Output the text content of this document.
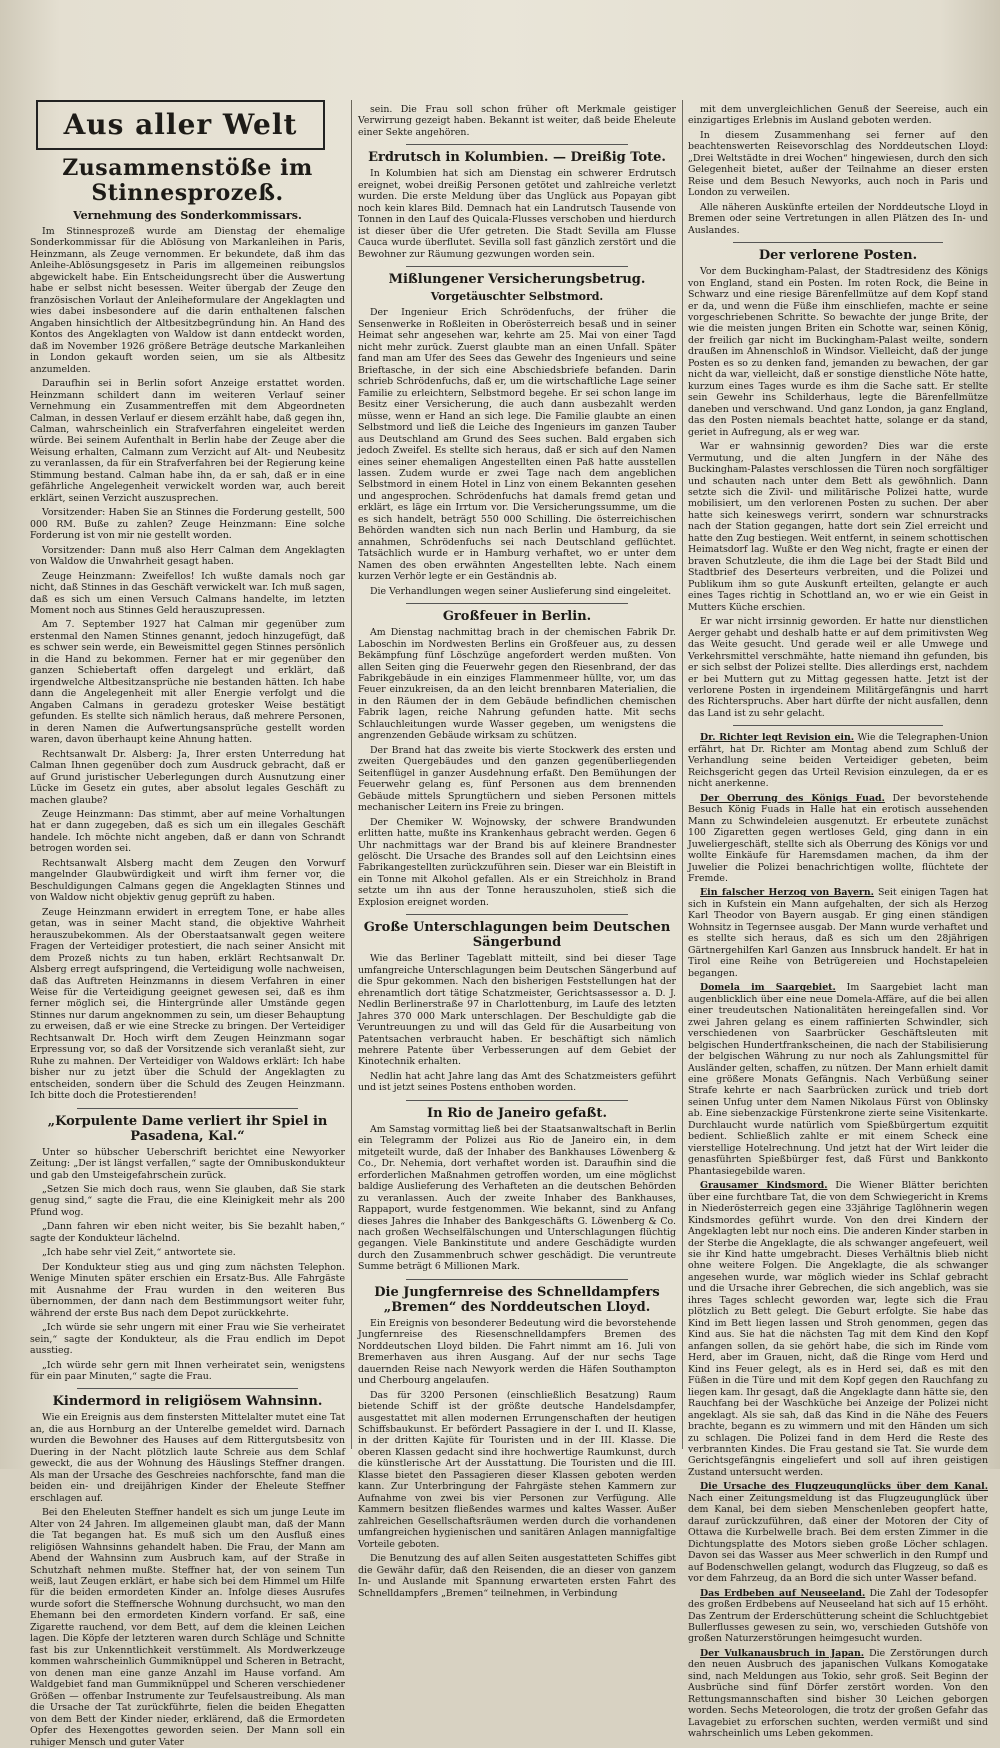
Aus aller Welt
Zusammenstöße im Stinnesprozeß.
Vernehmung des Sonderkommissars.

Im Stinnesprozeß wurde am Dienstag der ehemalige Sonderkommissar für die Ablösung von Markanleihen in Paris, Heinzmann, als Zeuge vernommen. Er bekundete, daß ihm das Anleihe-Ablösungsgesetz in Paris im allgemeinen reibungslos abgewickelt habe. Ein Entscheidungsrecht über die Auswertung habe er selbst nicht besessen. Weiter übergab der Zeuge den französischen Vorlaut der Anleiheformulare der Angeklagten und wies dabei insbesondere auf die darin enthaltenen falschen Angaben hinsichtlich der Altbesitzbegründung hin. An Hand des Kontos des Angeklagten von Waldow ist dann entdeckt worden, daß im November 1926 größere Beträge deutsche Markanleihen in London gekauft worden seien, um sie als Altbesitz anzumelden.

Daraufhin sei in Berlin sofort Anzeige erstattet worden. Heinzmann schildert dann im weiteren Verlauf seiner Vernehmung ein Zusammentreffen mit dem Abgeordneten Calman, in dessen Verlauf er diesem erzählt habe, daß gegen ihn, Calman, wahrscheinlich ein Strafverfahren eingeleitet werden würde. Bei seinem Aufenthalt in Berlin habe der Zeuge aber die Weisung erhalten, Calmann zum Verzicht auf Alt- und Neubesitz zu veranlassen, da für ein Strafverfahren bei der Regierung keine Stimmung bestand. Calman habe ihn, da er sah, daß er in eine gefährliche Angelegenheit verwickelt worden war, auch bereit erklärt, seinen Verzicht auszusprechen.

Vorsitzender: Haben Sie an Stinnes die Forderung gestellt, 500 000 RM. Buße zu zahlen? Zeuge Heinzmann: Eine solche Forderung ist von mir nie gestellt worden.

Vorsitzender: Dann muß also Herr Calman dem Angeklagten von Waldow die Unwahrheit gesagt haben.

Zeuge Heinzmann: Zweifellos! Ich wußte damals noch gar nicht, daß Stinnes in das Geschäft verwickelt war. Ich muß sagen, daß es sich um einen Versuch Calmans handelte, im letzten Moment noch aus Stinnes Geld herauszupressen.

Am 7. September 1927 hat Calman mir gegenüber zum erstenmal den Namen Stinnes genannt, jedoch hinzugefügt, daß es schwer sein werde, ein Beweismittel gegen Stinnes persönlich in die Hand zu bekommen. Ferner hat er mir gegenüber den ganzen Schiebertaft offen dargelegt und erklärt, daß irgendwelche Altbesitzansprüche nie bestanden hätten. Ich habe dann die Angelegenheit mit aller Energie verfolgt und die Angaben Calmans in geradezu grotesker Weise bestätigt gefunden. Es stellte sich nämlich heraus, daß mehrere Personen, in deren Namen die Aufwertungsansprüche gestellt worden waren, davon überhaupt keine Ahnung hatten.

Rechtsanwalt Dr. Alsberg: Ja, Ihrer ersten Unterredung hat Calman Ihnen gegenüber doch zum Ausdruck gebracht, daß er auf Grund juristischer Ueberlegungen durch Ausnutzung einer Lücke im Gesetz ein gutes, aber absolut legales Geschäft zu machen glaube?

Zeuge Heinzmann: Das stimmt, aber auf meine Vorhaltungen hat er dann zugegeben, daß es sich um ein illegales Geschäft handele. Ich möchte nicht angeben, daß er dann von Schrandt betrogen worden sei.

Rechtsanwalt Alsberg macht dem Zeugen den Vorwurf mangelnder Glaubwürdigkeit und wirft ihm ferner vor, die Beschuldigungen Calmans gegen die Angeklagten Stinnes und von Waldow nicht objektiv genug geprüft zu haben.

Zeuge Heinzmann erwidert in erregtem Tone, er habe alles getan, was in seiner Macht stand, die objektive Wahrheit herauszubekommen. Als der Oberstaatsanwalt gegen weitere Fragen der Verteidiger protestiert, die nach seiner Ansicht mit dem Prozeß nichts zu tun haben, erklärt Rechtsanwalt Dr. Alsberg erregt aufspringend, die Verteidigung wolle nachweisen, daß das Auftreten Heinzmanns in diesem Verfahren in einer Weise für die Verteidigung geeignet gewesen sei, daß es ihm ferner möglich sei, die Hintergründe aller Umstände gegen Stinnes nur darum angeknommen zu sein, um dieser Behauptung zu erweisen, daß er wie eine Strecke zu bringen. Der Verteidiger Rechtsanwalt Dr. Hoch wirft dem Zeugen Heinzmann sogar Erpressung vor, so daß der Vorsitzende sich veranlaßt sieht, zur Ruhe zu mahnen. Der Verteidiger von Waldows erklärt: Ich habe bisher nur zu jetzt über die Schuld der Angeklagten zu entscheiden, sondern über die Schuld des Zeugen Heinzmann. Ich bitte doch die Protestierenden!

„Korpulente Dame verliert ihr Spiel in Pasadena, Kal.“

Unter so hübscher Ueberschrift berichtet eine Newyorker Zeitung: „Der ist längst verfallen,“ sagte der Omnibuskondukteur und gab den Umsteigefahrschein zurück.

„Setzen Sie mich doch raus, wenn Sie glauben, daß Sie stark genug sind,“ sagte die Frau, die eine Kleinigkeit mehr als 200 Pfund wog.

„Dann fahren wir eben nicht weiter, bis Sie bezahlt haben,“ sagte der Kondukteur lächelnd.

„Ich habe sehr viel Zeit,“ antwortete sie.

Der Kondukteur stieg aus und ging zum nächsten Telephon. Wenige Minuten später erschien ein Ersatz-Bus. Alle Fahrgäste mit Ausnahme der Frau wurden in den weiteren Bus übernommen, der dann nach dem Bestimmungsort weiter fuhr, während der erste Bus nach dem Depot zurückkehrte.

„Ich würde sie sehr ungern mit einer Frau wie Sie verheiratet sein,“ sagte der Kondukteur, als die Frau endlich im Depot ausstieg.

„Ich würde sehr gern mit Ihnen verheiratet sein, wenigstens für ein paar Minuten,“ sagte die Frau.

Kindermord in religiösem Wahnsinn.

Wie ein Ereignis aus dem finstersten Mittelalter mutet eine Tat an, die aus Hornburg an der Unterelbe gemeldet wird. Darnach wurden die Bewohner des Hauses auf dem Rittergutsbesitz von Duering in der Nacht plötzlich laute Schreie aus dem Schlaf geweckt, die aus der Wohnung des Häuslings Steffner drangen. Als man der Ursache des Geschreies nachforschte, fand man die beiden ein- und dreijährigen Kinder der Eheleute Steffner erschlagen auf.

Bei den Eheleuten Steffner handelt es sich um junge Leute im Alter von 24 Jahren. Im allgemeinen glaubt man, daß der Mann die Tat begangen hat. Es muß sich um den Ausfluß eines religiösen Wahnsinns gehandelt haben. Die Frau, der Mann am Abend der Wahnsinn zum Ausbruch kam, auf der Straße in Schutzhaft nehmen mußte. Steffner hat, der von seinem Tun weiß, laut Zeugen erklärt, er habe sich bei dem Himmel um Hilfe für die beiden ermordeten Kinder an. Infolge dieses Ausrufes wurde sofort die Steffnersche Wohnung durchsucht, wo man den Ehemann bei den ermordeten Kindern vorfand. Er saß, eine Zigarette rauchend, vor dem Bett, auf dem die kleinen Leichen lagen. Die Köpfe der letzteren waren durch Schläge und Schnitte fast bis zur Unkenntlichkeit verstümmelt. Als Mordwerkzeuge kommen wahrscheinlich Gummiknüppel und Scheren in Betracht, von denen man eine ganze Anzahl im Hause vorfand. Am Waldgebiet fand man Gummiknüppel und Scheren verschiedener Größen — offenbar Instrumente zur Teufelsaustreibung. Als man die Ursache der Tat zurückführte, fielen die beiden Ehegatten von dem Bett der Kinder nieder, erklärend, daß die Ermordeten Opfer des Hexengottes geworden seien. Der Mann soll ein ruhiger Mensch und guter Vater

sein. Die Frau soll schon früher oft Merkmale geistiger Verwirrung gezeigt haben. Bekannt ist weiter, daß beide Eheleute einer Sekte angehören.

Erdrutsch in Kolumbien. — Dreißig Tote.

In Kolumbien hat sich am Dienstag ein schwerer Erdrutsch ereignet, wobei dreißig Personen getötet und zahlreiche verletzt wurden. Die erste Meldung über das Unglück aus Popayan gibt noch kein klares Bild. Demnach hat ein Landrutsch Tausende von Tonnen in den Lauf des Quicala-Flusses verschoben und hierdurch ist dieser über die Ufer getreten. Die Stadt Sevilla am Flusse Cauca wurde überflutet. Sevilla soll fast gänzlich zerstört und die Bewohner zur Räumung gezwungen worden sein.

Mißlungener Versicherungsbetrug.
Vorgetäuschter Selbstmord.

Der Ingenieur Erich Schrödenfuchs, der früher die Sensenwerke in Roßleiten in Oberösterreich besaß und in seiner Heimat sehr angesehen war, kehrte am 25. Mai von einer Tagd nicht mehr zurück. Zuerst glaubte man an einen Unfall. Später fand man am Ufer des Sees das Gewehr des Ingenieurs und seine Brieftasche, in der sich eine Abschiedsbriefe befanden. Darin schrieb Schrödenfuchs, daß er, um die wirtschaftliche Lage seiner Familie zu erleichtern, Selbstmord begehe. Er sei schon lange im Besitz einer Versicherung, die auch dann ausbezahlt werden müsse, wenn er Hand an sich lege. Die Familie glaubte an einen Selbstmord und ließ die Leiche des Ingenieurs im ganzen Tauber aus Deutschland am Grund des Sees suchen. Bald ergaben sich jedoch Zweifel. Es stellte sich heraus, daß er sich auf den Namen eines seiner ehemaligen Angestellten einen Paß hatte ausstellen lassen. Zudem wurde er zwei Tage nach dem angeblichen Selbstmord in einem Hotel in Linz von einem Bekannten gesehen und angesprochen. Schrödenfuchs hat damals fremd getan und erklärt, es läge ein Irrtum vor. Die Versicherungssumme, um die es sich handelt, beträgt 550 000 Schilling. Die österreichischen Behörden wandten sich nun nach Berlin und Hamburg, da sie annahmen, Schrödenfuchs sei nach Deutschland geflüchtet. Tatsächlich wurde er in Hamburg verhaftet, wo er unter dem Namen des oben erwähnten Angestellten lebte. Nach einem kurzen Verhör legte er ein Geständnis ab.

Die Verhandlungen wegen seiner Auslieferung sind eingeleitet.

Großfeuer in Berlin.

Am Dienstag nachmittag brach in der chemischen Fabrik Dr. Laboschin im Nordwesten Berlins ein Großfeuer aus, zu dessen Bekämpfung fünf Löschzüge angefordert werden mußten. Von allen Seiten ging die Feuerwehr gegen den Riesenbrand, der das Fabrikgebäude in ein einziges Flammenmeer hüllte, vor, um das Feuer einzukreisen, da an den leicht brennbaren Materialien, die in den Räumen der in dem Gebäude befindlichen chemischen Fabrik lagen, reiche Nahrung gefunden hatte. Mit sechs Schlauchleitungen wurde Wasser gegeben, um wenigstens die angrenzenden Gebäude wirksam zu schützen.

Der Brand hat das zweite bis vierte Stockwerk des ersten und zweiten Quergebäudes und den ganzen gegenüberliegenden Seitenflügel in ganzer Ausdehnung erfaßt. Den Bemühungen der Feuerwehr gelang es, fünf Personen aus dem brennenden Gebäude mittels Sprungtüchern und sieben Personen mittels mechanischer Leitern ins Freie zu bringen.

Der Chemiker W. Wojnowsky, der schwere Brandwunden erlitten hatte, mußte ins Krankenhaus gebracht werden. Gegen 6 Uhr nachmittags war der Brand bis auf kleinere Brandnester gelöscht. Die Ursache des Brandes soll auf den Leichtsinn eines Fabrikangestellten zurückzuführen sein. Dieser war ein Bleistift in ein Tonne mit Alkohol gefallen. Als er ein Streichholz in Brand setzte um ihn aus der Tonne herauszuholen, stieß sich die Explosion ereignet worden.

Große Unterschlagungen beim Deutschen Sängerbund

Wie das Berliner Tageblatt mitteilt, sind bei dieser Tage umfangreiche Unterschlagungen beim Deutschen Sängerbund auf die Spur gekommen. Nach den bisherigen Feststellungen hat der ehrenamtlich dort tätige Schatzmeister, Gerichtsassessor a. D. J. Nedlin Berlinerstraße 97 in Charlottenburg, im Laufe des letzten Jahres 370 000 Mark unterschlagen. Der Beschuldigte gab die Veruntreuungen zu und will das Geld für die Ausarbeitung von Patentsachen verbraucht haben. Er beschäftigt sich nämlich mehrere Patente über Verbesserungen auf dem Gebiet der Kinotechnik erhalten.

Nedlin hat acht Jahre lang das Amt des Schatzmeisters geführt und ist jetzt seines Postens enthoben worden.

In Rio de Janeiro gefaßt.

Am Samstag vormittag ließ bei der Staatsanwaltschaft in Berlin ein Telegramm der Polizei aus Rio de Janeiro ein, in dem mitgeteilt wurde, daß der Inhaber des Bankhauses Löwenberg & Co., Dr. Nehemia, dort verhaftet worden ist. Daraufhin sind die erforderlichen Maßnahmen getroffen worden, um eine möglichst baldige Auslieferung des Verhafteten an die deutschen Behörden zu veranlassen. Auch der zweite Inhaber des Bankhauses, Rappaport, wurde festgenommen. Wie bekannt, sind zu Anfang dieses Jahres die Inhaber des Bankgeschäfts G. Löwenberg & Co. nach großen Wechselfälschungen und Unterschlagungen flüchtig gegangen. Viele Bankinstitute und andere Geschädigte wurden durch den Zusammenbruch schwer geschädigt. Die veruntreute Summe beträgt 6 Millionen Mark.

Die Jungfernreise des Schnelldampfers „Bremen“ des Norddeutschen Lloyd.

Ein Ereignis von besonderer Bedeutung wird die bevorstehende Jungfernreise des Riesenschnelldampfers Bremen des Norddeutschen Lloyd bilden. Die Fahrt nimmt am 16. Juli von Bremerhaven aus ihren Ausgang. Auf der nur sechs Tage dauernden Reise nach Newyork werden die Häfen Southampton und Cherbourg angelaufen.

Das für 3200 Personen (einschließlich Besatzung) Raum bietende Schiff ist der größte deutsche Handelsdampfer, ausgestattet mit allen modernen Errungenschaften der heutigen Schiffsbaukunst. Er befördert Passagiere in der I. und II. Klasse, in der dritten Kajüte für Touristen und in der III. Klasse. Die oberen Klassen gedacht sind ihre hochwertige Raumkunst, durch die künstlerische Art der Ausstattung. Die Touristen und die III. Klasse bietet den Passagieren dieser Klassen geboten werden kann. Zur Unterbringung der Fahrgäste stehen Kammern zur Aufnahme von zwei bis vier Personen zur Verfügung. Alle Kammern besitzen fließendes warmes und kaltes Wasser. Außer zahlreichen Gesellschaftsräumen werden durch die vorhandenen umfangreichen hygienischen und sanitären Anlagen mannigfaltige Vorteile geboten.

Die Benutzung des auf allen Seiten ausgestatteten Schiffes gibt die Gewähr dafür, daß den Reisenden, die an dieser von ganzem In- und Auslande mit Spannung erwarteten ersten Fahrt des Schnelldampfers „Bremen“ teilnehmen, in Verbindung

mit dem unvergleichlichen Genuß der Seereise, auch ein einzigartiges Erlebnis im Ausland geboten werden.

In diesem Zusammenhang sei ferner auf den beachtenswerten Reisevorschlag des Norddeutschen Lloyd: „Drei Weltstädte in drei Wochen“ hingewiesen, durch den sich Gelegenheit bietet, außer der Teilnahme an dieser ersten Reise und dem Besuch Newyorks, auch noch in Paris und London zu verweilen.

Alle näheren Auskünfte erteilen der Norddeutsche Lloyd in Bremen oder seine Vertretungen in allen Plätzen des In- und Auslandes.

Der verlorene Posten.

Vor dem Buckingham-Palast, der Stadtresidenz des Königs von England, stand ein Posten. Im roten Rock, die Beine in Schwarz und eine riesige Bärenfellmütze auf dem Kopf stand er da, und wenn die Füße ihm einschliefen, machte er seine vorgeschriebenen Schritte. So bewachte der junge Brite, der wie die meisten jungen Briten ein Schotte war, seinen König, der freilich gar nicht im Buckingham-Palast weilte, sondern draußen im Ahnenschloß in Windsor. Vielleicht, daß der junge Posten es so zu denken fand, jemanden zu bewachen, der gar nicht da war, vielleicht, daß er sonstige dienstliche Nöte hatte, kurzum eines Tages wurde es ihm die Sache satt. Er stellte sein Gewehr ins Schilderhaus, legte die Bärenfellmütze daneben und verschwand. Und ganz London, ja ganz England, das den Posten niemals beachtet hatte, solange er da stand, geriet in Aufregung, als er weg war.

War er wahnsinnig geworden? Dies war die erste Vermutung, und die alten Jungfern in der Nähe des Buckingham-Palastes verschlossen die Türen noch sorgfältiger und schauten nach unter dem Bett als gewöhnlich. Dann setzte sich die Zivil- und militärische Polizei hatte, wurde mobilisiert, um den verlorenen Posten zu suchen. Der aber hatte sich keineswegs verirrt, sondern war schnurstracks nach der Station gegangen, hatte dort sein Ziel erreicht und hatte den Zug bestiegen. Weit entfernt, in seinem schottischen Heimatsdorf lag. Wußte er den Weg nicht, fragte er einen der braven Schutzleute, die ihm die Lage bei der Stadt Bild und Stadtbrief des Deserteurs verbreiten, und die Polizei und Publikum ihm so gute Auskunft erteilten, gelangte er auch eines Tages richtig in Schottland an, wo er wie ein Geist in Mutters Küche erschien.

Er war nicht irrsinnig geworden. Er hatte nur dienstlichen Aerger gehabt und deshalb hatte er auf dem primitivsten Weg das Weite gesucht. Und gerade weil er alle Umwege und Verkehrsmittel verschmähte, hatte niemand ihn gefunden, bis er sich selbst der Polizei stellte. Dies allerdings erst, nachdem er bei Muttern gut zu Mittag gegessen hatte. Jetzt ist der verlorene Posten in irgendeinem Militärgefängnis und harrt des Richterspruchs. Aber hart dürfte der nicht ausfallen, denn das Land ist zu sehr gelacht.

Dr. Richter legt Revision ein. Wie die Telegraphen-Union erfährt, hat Dr. Richter am Montag abend zum Schluß der Verhandlung seine beiden Verteidiger gebeten, beim Reichsgericht gegen das Urteil Revision einzulegen, da er es nicht anerkenne.

Der Oberrung des Königs Fuad. Der bevorstehende Besuch König Fuads in Halle hat ein erotisch aussehenden Mann zu Schwindeleien ausgenutzt. Er erbeutete zunächst 100 Zigaretten gegen wertloses Geld, ging dann in ein Juweliergeschäft, stellte sich als Oberrung des Königs vor und wollte Einkäufe für Haremsdamen machen, da ihm der Juwelier die Polizei benachrichtigen wollte, flüchtete der Fremde.

Ein falscher Herzog von Bayern. Seit einigen Tagen hat sich in Kufstein ein Mann aufgehalten, der sich als Herzog Karl Theodor von Bayern ausgab. Er ging einen ständigen Wohnsitz in Tegernsee ausgab. Der Mann wurde verhaftet und es stellte sich heraus, daß es sich um den 28jährigen Gärtnergehilfen Karl Ganzen aus Innsbruck handelt. Er hat in Tirol eine Reihe von Betrügereien und Hochstapeleien begangen.

Domela im Saargebiet. Im Saargebiet lacht man augenblicklich über eine neue Domela-Affäre, auf die bei allen einer treudeutschen Nationalitäten hereingefallen sind. Vor zwei Jahren gelang es einem raffinierten Schwindler, sich verschiedenen von Saarbrücker Geschäftsleuten mit belgischen Hundertfrankscheinen, die nach der Stabilisierung der belgischen Währung zu nur noch als Zahlungsmittel für Ausländer gelten, schaffen, zu nützen. Der Mann erhielt damit eine größere Monats Gefängnis. Nach Verbüßung seiner Strafe kehrte er nach Saarbrücken zurück und trieb dort seinen Unfug unter dem Namen Nikolaus Fürst von Oblinsky ab. Eine siebenzackige Fürstenkrone zierte seine Visitenkarte. Durchlaucht wurde natürlich vom Spießbürgertum ezquitit bedient. Schließlich zahlte er mit einem Scheck eine vierstellige Hotelrechnung. Und jetzt hat der Wirt leider die genasführten Spießbürger fest, daß Fürst und Bankkonto Phantasiegebilde waren.

Grausamer Kindsmord. Die Wiener Blätter berichten über eine furchtbare Tat, die von dem Schwiegericht in Krems in Niederösterreich gegen eine 33jährige Taglöhnerin wegen Kindsmordes geführt wurde. Von den drei Kindern der Angeklagten lebt nur noch eins. Die anderen Kinder starben in der Sterbe die Angeklagte, die als schwanger angefeuert, weil sie ihr Kind hatte umgebracht. Dieses Verhältnis blieb nicht ohne weitere Folgen. Die Angeklagte, die als schwanger angesehen wurde, war möglich wieder ins Schlaf gebracht und die Ursache ihrer Gebrechen, die sich angeblich, was sie ihres Tages schlecht geworden war, legte sich die Frau plötzlich zu Bett gelegt. Die Geburt erfolgte. Sie habe das Kind im Bett liegen lassen und Stroh genommen, gegen das Kind aus. Sie hat die nächsten Tag mit dem Kind den Kopf anfangen sollen, da sie gehört habe, die sich im Rinde vom Herd, aber im Grauen, nicht, daß die Ringe vom Herd und Kind ins Feuer gelegt, als es in Herd sei, daß es mit den Füßen in die Türe und mit dem Kopf gegen den Rauchfang zu liegen kam. Ihr gesagt, daß die Angeklagte dann hätte sie, den Rauchfang bei der Waschküche bei Anzeige der Polizei nicht angeklagt. Als sie sah, daß das Kind in die Nähe des Feuers brachte, begann es zu wimmern und mit den Händen um sich zu schlagen. Die Polizei fand in dem Herd die Reste des verbrannten Kindes. Die Frau gestand sie Tat. Sie wurde dem Gerichtsgefängnis eingeliefert und soll auf ihren geistigen Zustand untersucht werden.

Die Ursache des Flugzeugunglücks über dem Kanal. Nach einer Zeitungsmeldung ist das Flugzeugunglück über dem Kanal, bei dem sieben Menschenleben geopfert hatte, darauf zurückzuführen, daß einer der Motoren der City of Ottawa die Kurbelwelle brach. Bei dem ersten Zimmer in die Dichtungsplatte des Motors sieben große Löcher schlagen. Davon sei das Wasser aus Meer schwerlich in den Rumpf und auf Bodenschwellen gelangt, wodurch das Flugzeug, so daß es vor dem Fahrzeug, da an Bord die sich unter Wasser befand.

Das Erdbeben auf Neuseeland. Die Zahl der Todesopfer des großen Erdbebens auf Neuseeland hat sich auf 15 erhöht. Das Zentrum der Erderschütterung scheint die Schluchtgebiet Bullerflusses gewesen zu sein, wo, verschieden Gutshöfe von großen Naturzerstörungen heimgesucht wurden.

Der Vulkanausbruch in Japan. Die Zerstörungen durch den neuen Ausbruch des japanischen Vulkans Komogatake sind, nach Meldungen aus Tokio, sehr groß. Seit Beginn der Ausbrüche sind fünf Dörfer zerstört worden. Von den Rettungsmannschaften sind bisher 30 Leichen geborgen worden. Sechs Meteorologen, die trotz der großen Gefahr das Lavagebiet zu erforschen suchten, werden vermißt und sind wahrscheinlich ums Leben gekommen.
